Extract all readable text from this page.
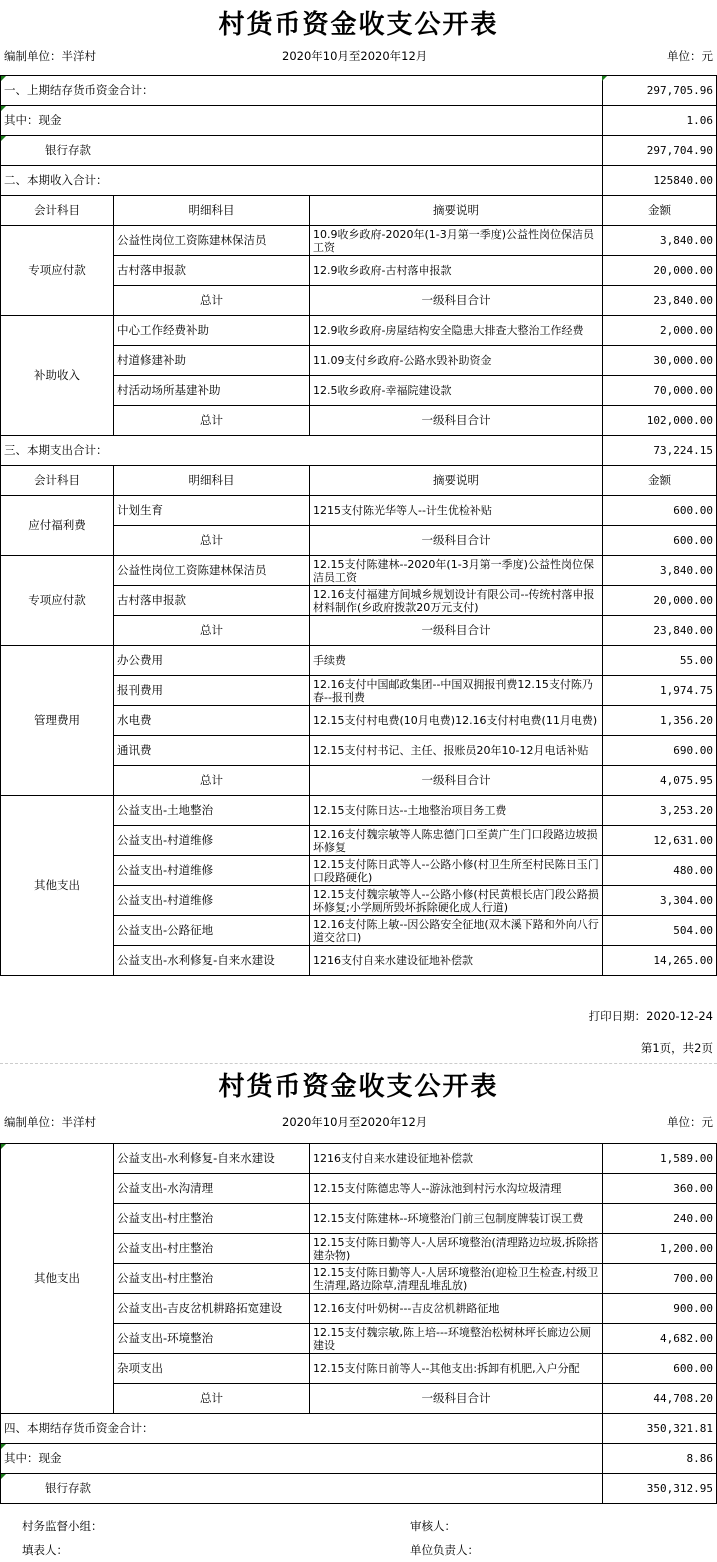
村货币资金收支公开表
编制单位：半洋村	2020年10月至2020年12月	单位：元
一、上期结存货币资金合计：			297,705.96
其中：现金			1.06
银行存款			297,704.90
二、本期收入合计：			125840.00
会计科目	明细科目	摘要说明	金额
专项应付款	公益性岗位工资陈建林保洁员	10.9收乡政府-2020年(1-3月第一季度)公益性岗位保洁员工资	3,840.00
	古村落申报款	12.9收乡政府-古村落申报款	20,000.00
	总计	一级科目合计	23,840.00
补助收入	中心工作经费补助	12.9收乡政府-房屋结构安全隐患大排查大整治工作经费	2,000.00
	村道修建补助	11.09支付乡政府-公路水毁补助资金	30,000.00
	村活动场所基建补助	12.5收乡政府-幸福院建设款	70,000.00
	总计	一级科目合计	102,000.00
三、本期支出合计：			73,224.15
会计科目	明细科目	摘要说明	金额
应付福利费	计划生育	1215支付陈光华等人--计生优检补贴	600.00
	总计	一级科目合计	600.00
专项应付款	公益性岗位工资陈建林保洁员	12.15支付陈建林--2020年(1-3月第一季度)公益性岗位保洁员工资	3,840.00
	古村落申报款	12.16支付福建方间城乡规划设计有限公司--传统村落申报材料制作(乡政府拨款20万元支付)	20,000.00
	总计	一级科目合计	23,840.00
管理费用	办公费用	手续费	55.00
	报刊费用	12.16支付中国邮政集团--中国双拥报刊费12.15支付陈乃春--报刊费	1,974.75
	水电费	12.15支付村电费(10月电费)12.16支付村电费(11月电费)	1,356.20
	通讯费	12.15支付村书记、主任、报账员20年10-12月电话补贴	690.00
	总计	一级科目合计	4,075.95
其他支出	公益支出-土地整治	12.15支付陈日达--土地整治项目务工费	3,253.20
	公益支出-村道维修	12.16支付魏宗敏等人陈忠德门口至黄广生门口段路边坡损坏修复	12,631.00
	公益支出-村道维修	12.15支付陈日武等人--公路小修(村卫生所至村民陈日玉门口段路硬化)	480.00
	公益支出-村道维修	12.15支付魏宗敏等人--公路小修(村民黄根长店门段公路损坏修复;小学厕所毁坏拆除硬化成人行道)	3,304.00
	公益支出-公路征地	12.16支付陈上敏--因公路安全征地(双木溪下路和外向八行道交岔口)	504.00
	公益支出-水利修复-自来水建设	1216支付自来水建设征地补偿款	14,265.00
打印日期：2020-12-24
第1页，共2页
村货币资金收支公开表
编制单位：半洋村	2020年10月至2020年12月	单位：元
其他支出	公益支出-水利修复-自来水建设	1216支付自来水建设征地补偿款	1,589.00
	公益支出-水沟清理	12.15支付陈德忠等人--游泳池到村污水沟垃圾清理	360.00
	公益支出-村庄整治	12.15支付陈建林--环境整治门前三包制度牌装订误工费	240.00
	公益支出-村庄整治	12.15支付陈日勤等人-人居环境整治(清理路边垃圾,拆除搭建杂物)	1,200.00
	公益支出-村庄整治	12.15支付陈日勤等人-人居环境整治(迎检卫生检查,村级卫生清理,路边除草,清理乱堆乱放)	700.00
	公益支出-吉皮岔机耕路拓宽建设	12.16支付叶奶树---吉皮岔机耕路征地	900.00
	公益支出-环境整治	12.15支付魏宗敏,陈上培---环境整治松树林坪长廊边公厕建设	4,682.00
	杂项支出	12.15支付陈日前等人--其他支出:拆卸有机肥,入户分配	600.00
	总计	一级科目合计	44,708.20
四、本期结存货币资金合计：			350,321.81
其中：现金			8.86
银行存款			350,312.95
村务监督小组：	审核人：
填表人：	单位负责人：
